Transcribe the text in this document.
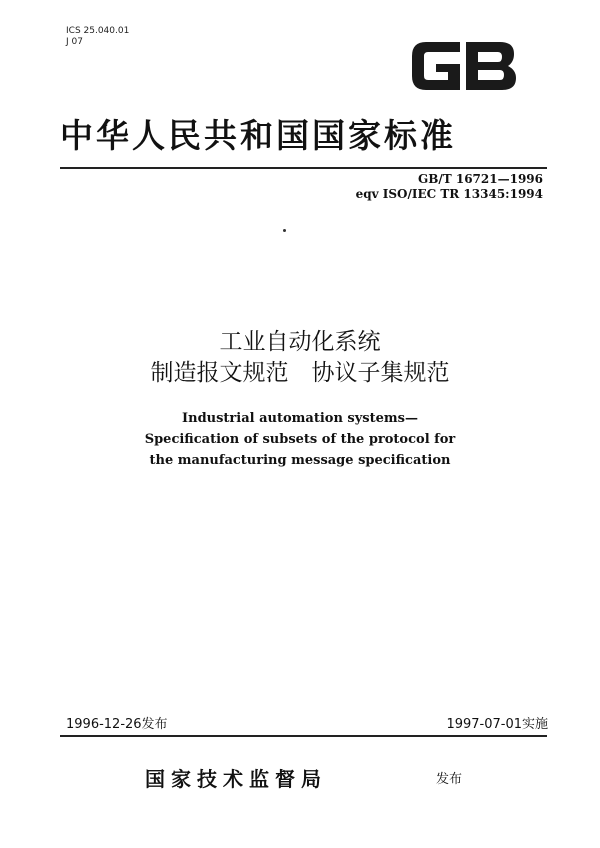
ICS 25.040.01
J 07
中华人民共和国国家标准
GB/T 16721—1996
eqv ISO/IEC TR 13345:1994
工业自动化系统
制造报文规范　协议子集规范
Industrial automation systems—
Specification of subsets of the protocol for
the manufacturing message specification
1996-12-26发布	1997-07-01实施
国家技术监督局	发布
